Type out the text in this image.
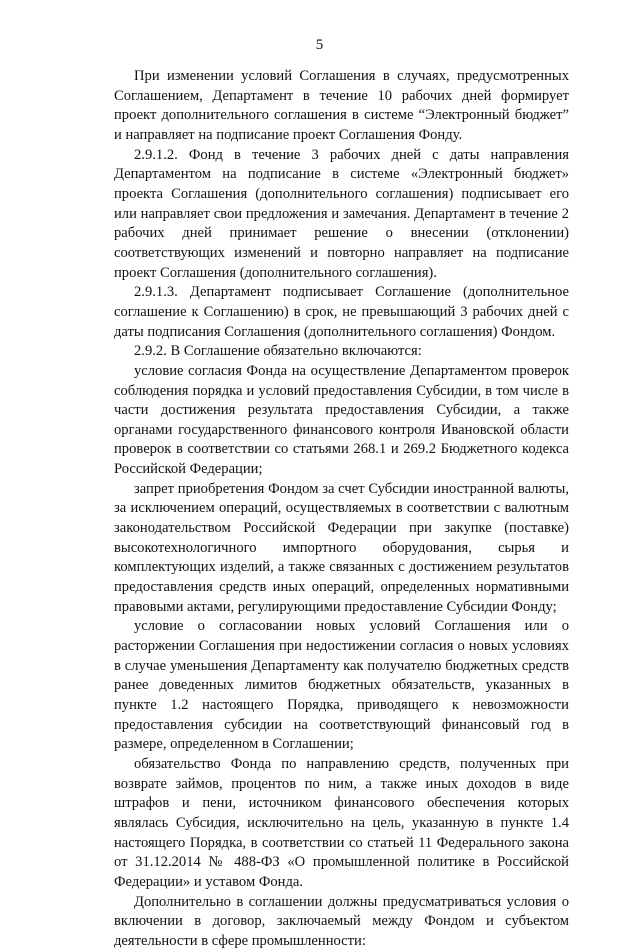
5

При изменении условий Соглашения в случаях, предусмотренных Соглашением, Департамент в течение 10 рабочих дней формирует проект дополнительного соглашения в системе “Электронный бюджет” и направляет на подписание проект Соглашения Фонду.

2.9.1.2. Фонд в течение 3 рабочих дней с даты направления Департаментом на подписание в системе «Электронный бюджет» проекта Соглашения (дополнительного соглашения) подписывает его или направляет свои предложения и замечания. Департамент в течение 2 рабочих дней принимает решение о внесении (отклонении) соответствующих изменений и повторно направляет на подписание проект Соглашения (дополнительного соглашения).

2.9.1.3. Департамент подписывает Соглашение (дополнительное соглашение к Соглашению) в срок, не превышающий 3 рабочих дней с даты подписания Соглашения (дополнительного соглашения) Фондом.

2.9.2. В Соглашение обязательно включаются:

условие согласия Фонда на осуществление Департаментом проверок соблюдения порядка и условий предоставления Субсидии, в том числе в части достижения результата предоставления Субсидии, а также органами государственного финансового контроля Ивановской области проверок в соответствии со статьями 268.1 и 269.2 Бюджетного кодекса Российской Федерации;

запрет приобретения Фондом за счет Субсидии иностранной валюты, за исключением операций, осуществляемых в соответствии с валютным законодательством Российской Федерации при закупке (поставке) высокотехнологичного импортного оборудования, сырья и комплектующих изделий, а также связанных с достижением результатов предоставления средств иных операций, определенных нормативными правовыми актами, регулирующими предоставление Субсидии Фонду;

условие о согласовании новых условий Соглашения или о расторжении Соглашения при недостижении согласия о новых условиях в случае уменьшения Департаменту как получателю бюджетных средств ранее доведенных лимитов бюджетных обязательств, указанных в пункте 1.2 настоящего Порядка, приводящего к невозможности предоставления субсидии на соответствующий финансовый год в размере, определенном в Соглашении;

обязательство Фонда по направлению средств, полученных при возврате займов, процентов по ним, а также иных доходов в виде штрафов и пени, источником финансового обеспечения которых являлась Субсидия, исключительно на цель, указанную в пункте 1.4 настоящего Порядка, в соответствии со статьей 11 Федерального закона от 31.12.2014 № 488-ФЗ «О промышленной политике в Российской Федерации» и уставом Фонда.

Дополнительно в соглашении должны предусматриваться условия о включении в договор, заключаемый между Фондом и субъектом деятельности в сфере промышленности:
